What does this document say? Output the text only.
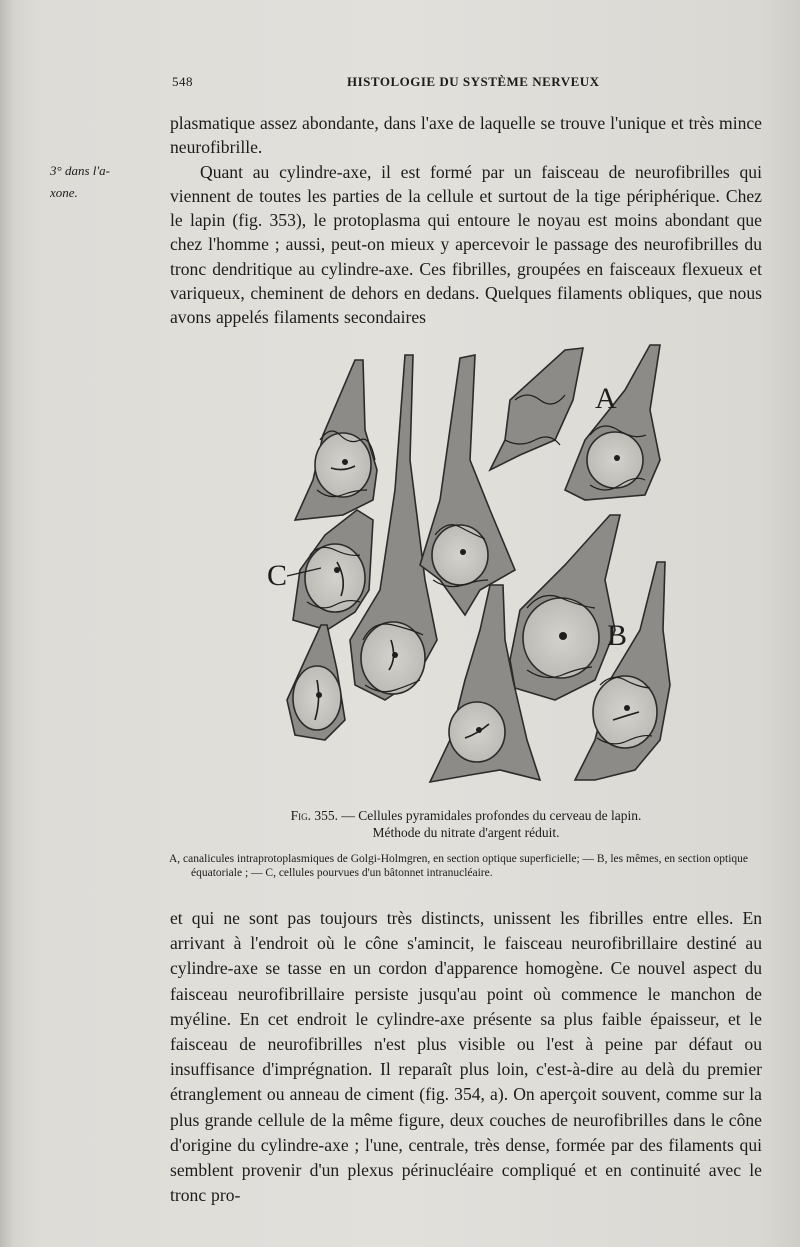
548	HISTOLOGIE DU SYSTÈME NERVEUX
3° dans l'a-
xone.

plasmatique assez abondante, dans l'axe de laquelle se trouve l'unique et très mince neurofibrille.

Quant au cylindre-axe, il est formé par un faisceau de neurofibrilles qui viennent de toutes les parties de la cellule et surtout de la tige périphérique. Chez le lapin (fig. 353), le protoplasma qui entoure le noyau est moins abondant que chez l'homme ; aussi, peut-on mieux y apercevoir le passage des neurofibrilles du tronc dendritique au cylindre-axe. Ces fibrilles, groupées en faisceaux flexueux et variqueux, cheminent de dehors en dedans. Quelques filaments obliques, que nous avons appelés filaments secondaires

A
B
C
Fig. 355. — Cellules pyramidales profondes du cerveau de lapin.
Méthode du nitrate d'argent réduit.
A, canalicules intraprotoplasmiques de Golgi-Holmgren, en section optique superficielle; — B, les mêmes, en section optique équatoriale ; — C, cellules pourvues d'un bâtonnet intranucléaire.

et qui ne sont pas toujours très distincts, unissent les fibrilles entre elles. En arrivant à l'endroit où le cône s'amincit, le faisceau neurofibrillaire destiné au cylindre-axe se tasse en un cordon d'apparence homogène. Ce nouvel aspect du faisceau neurofibrillaire persiste jusqu'au point où commence le manchon de myéline. En cet endroit le cylindre-axe présente sa plus faible épaisseur, et le faisceau de neurofibrilles n'est plus visible ou l'est à peine par défaut ou insuffisance d'imprégnation. Il reparaît plus loin, c'est-à-dire au delà du premier étranglement ou anneau de ciment (fig. 354, a). On aperçoit souvent, comme sur la plus grande cellule de la même figure, deux couches de neurofibrilles dans le cône d'origine du cylindre-axe ; l'une, centrale, très dense, formée par des filaments qui semblent provenir d'un plexus périnucléaire compliqué et en continuité avec le tronc pro-
